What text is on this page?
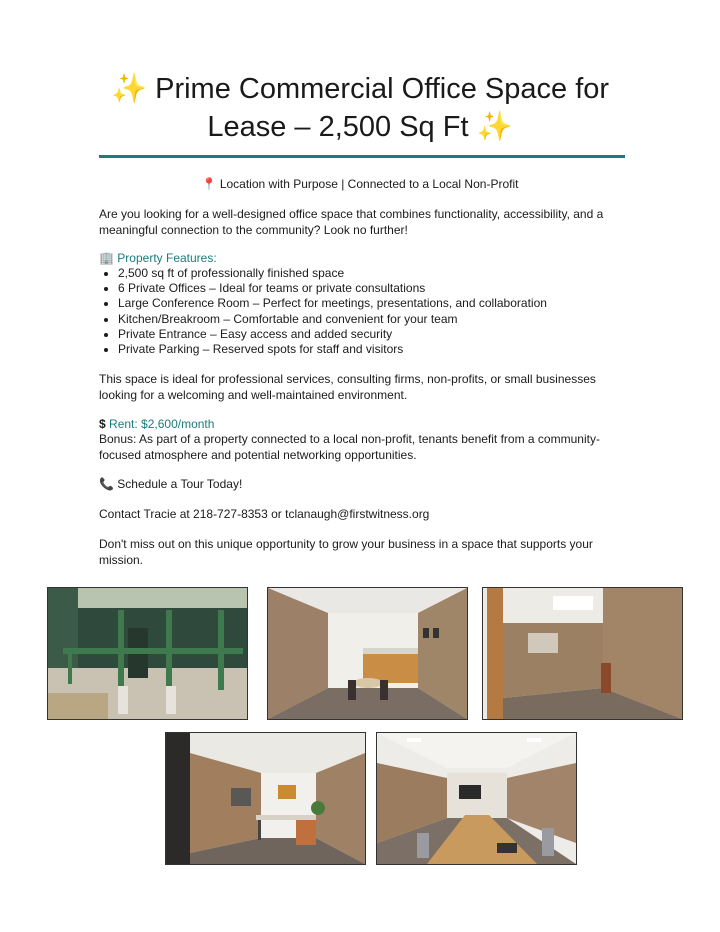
✨ Prime Commercial Office Space for
Lease – 2,500 Sq Ft ✨
📍 Location with Purpose | Connected to a Local Non-Profit
Are you looking for a well-designed office space that combines functionality, accessibility, and a meaningful connection to the community? Look no further!
🏢 Property Features:
• 2,500 sq ft of professionally finished space
• 6 Private Offices – Ideal for teams or private consultations
• Large Conference Room – Perfect for meetings, presentations, and collaboration
• Kitchen/Breakroom – Comfortable and convenient for your team
• Private Entrance – Easy access and added security
• Private Parking – Reserved spots for staff and visitors
This space is ideal for professional services, consulting firms, non-profits, or small businesses looking for a welcoming and well-maintained environment.
$ Rent: $2,600/month
Bonus: As part of a property connected to a local non-profit, tenants benefit from a community-focused atmosphere and potential networking opportunities.
📞 Schedule a Tour Today!
Contact Tracie at 218-727-8353 or tclanaugh@firstwitness.org
Don't miss out on this unique opportunity to grow your business in a space that supports your mission.
